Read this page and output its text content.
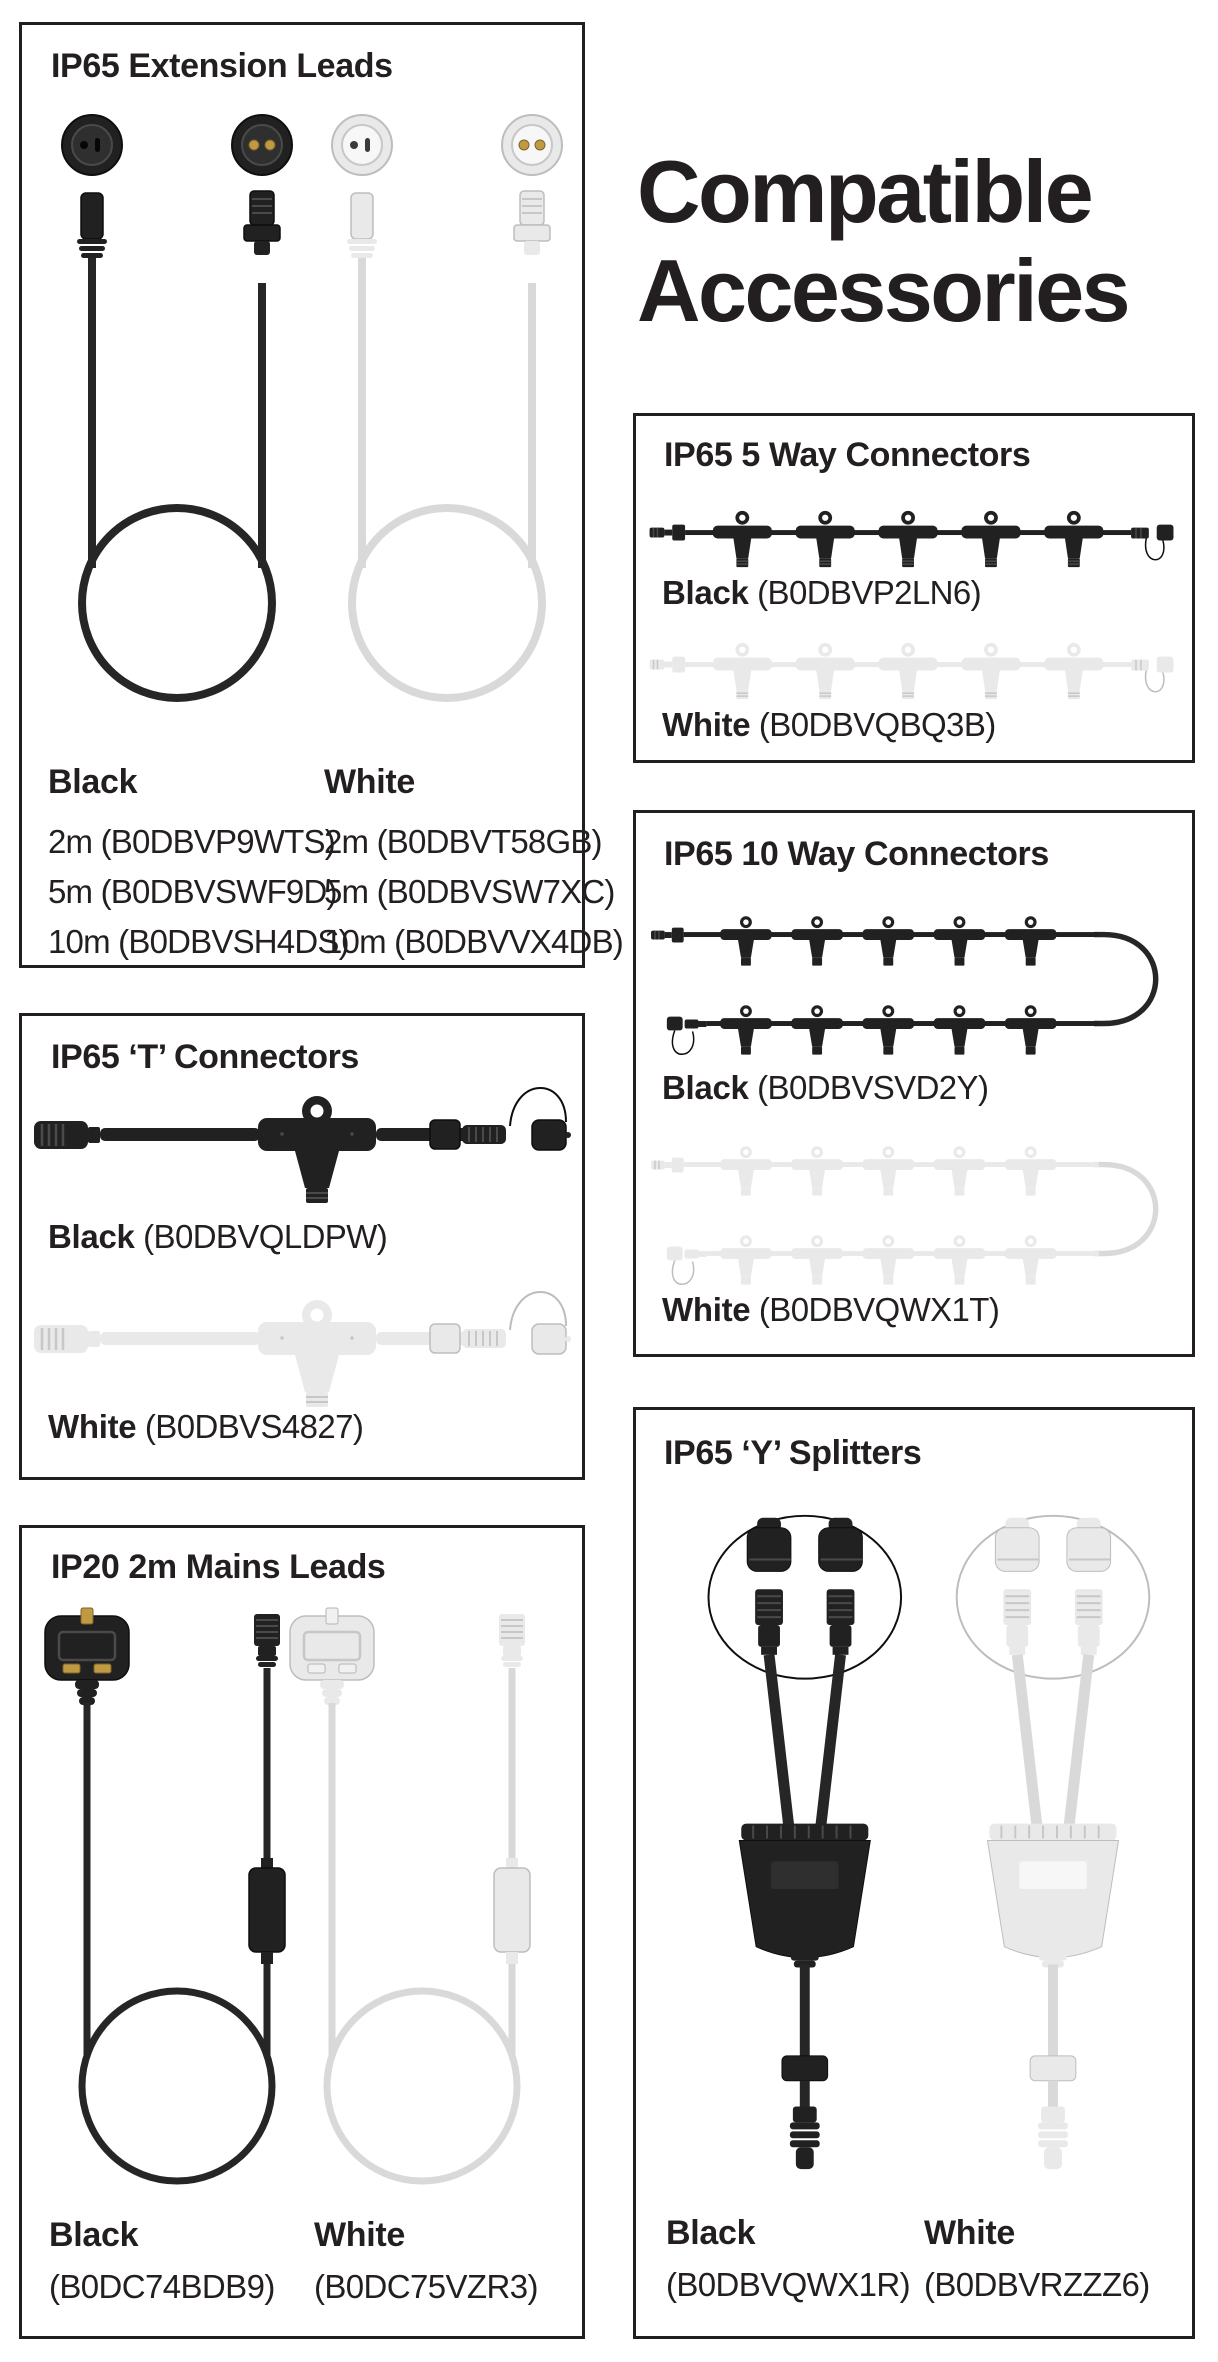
Compatible
Accessories
IP65 Extension Leads
Black	White
2m (B0DBVP9WTS)
5m (B0DBVSWF9D)
10m (B0DBVSH4DS)
2m (B0DBVT58GB)
5m (B0DBVSW7XC)
10m (B0DBVVX4DB)
IP65 ‘T’ Connectors
Black (B0DBVQLDPW)
White (B0DBVS4827)
IP20 2m Mains Leads
Black
(B0DC74BDB9)
White
(B0DC75VZR3)
IP65 5 Way Connectors
Black (B0DBVP2LN6)
White (B0DBVQBQ3B)
IP65 10 Way Connectors
Black (B0DBVSVD2Y)
White (B0DBVQWX1T)
IP65 ‘Y’ Splitters
Black
(B0DBVQWX1R)
White
(B0DBVRZZZ6)
